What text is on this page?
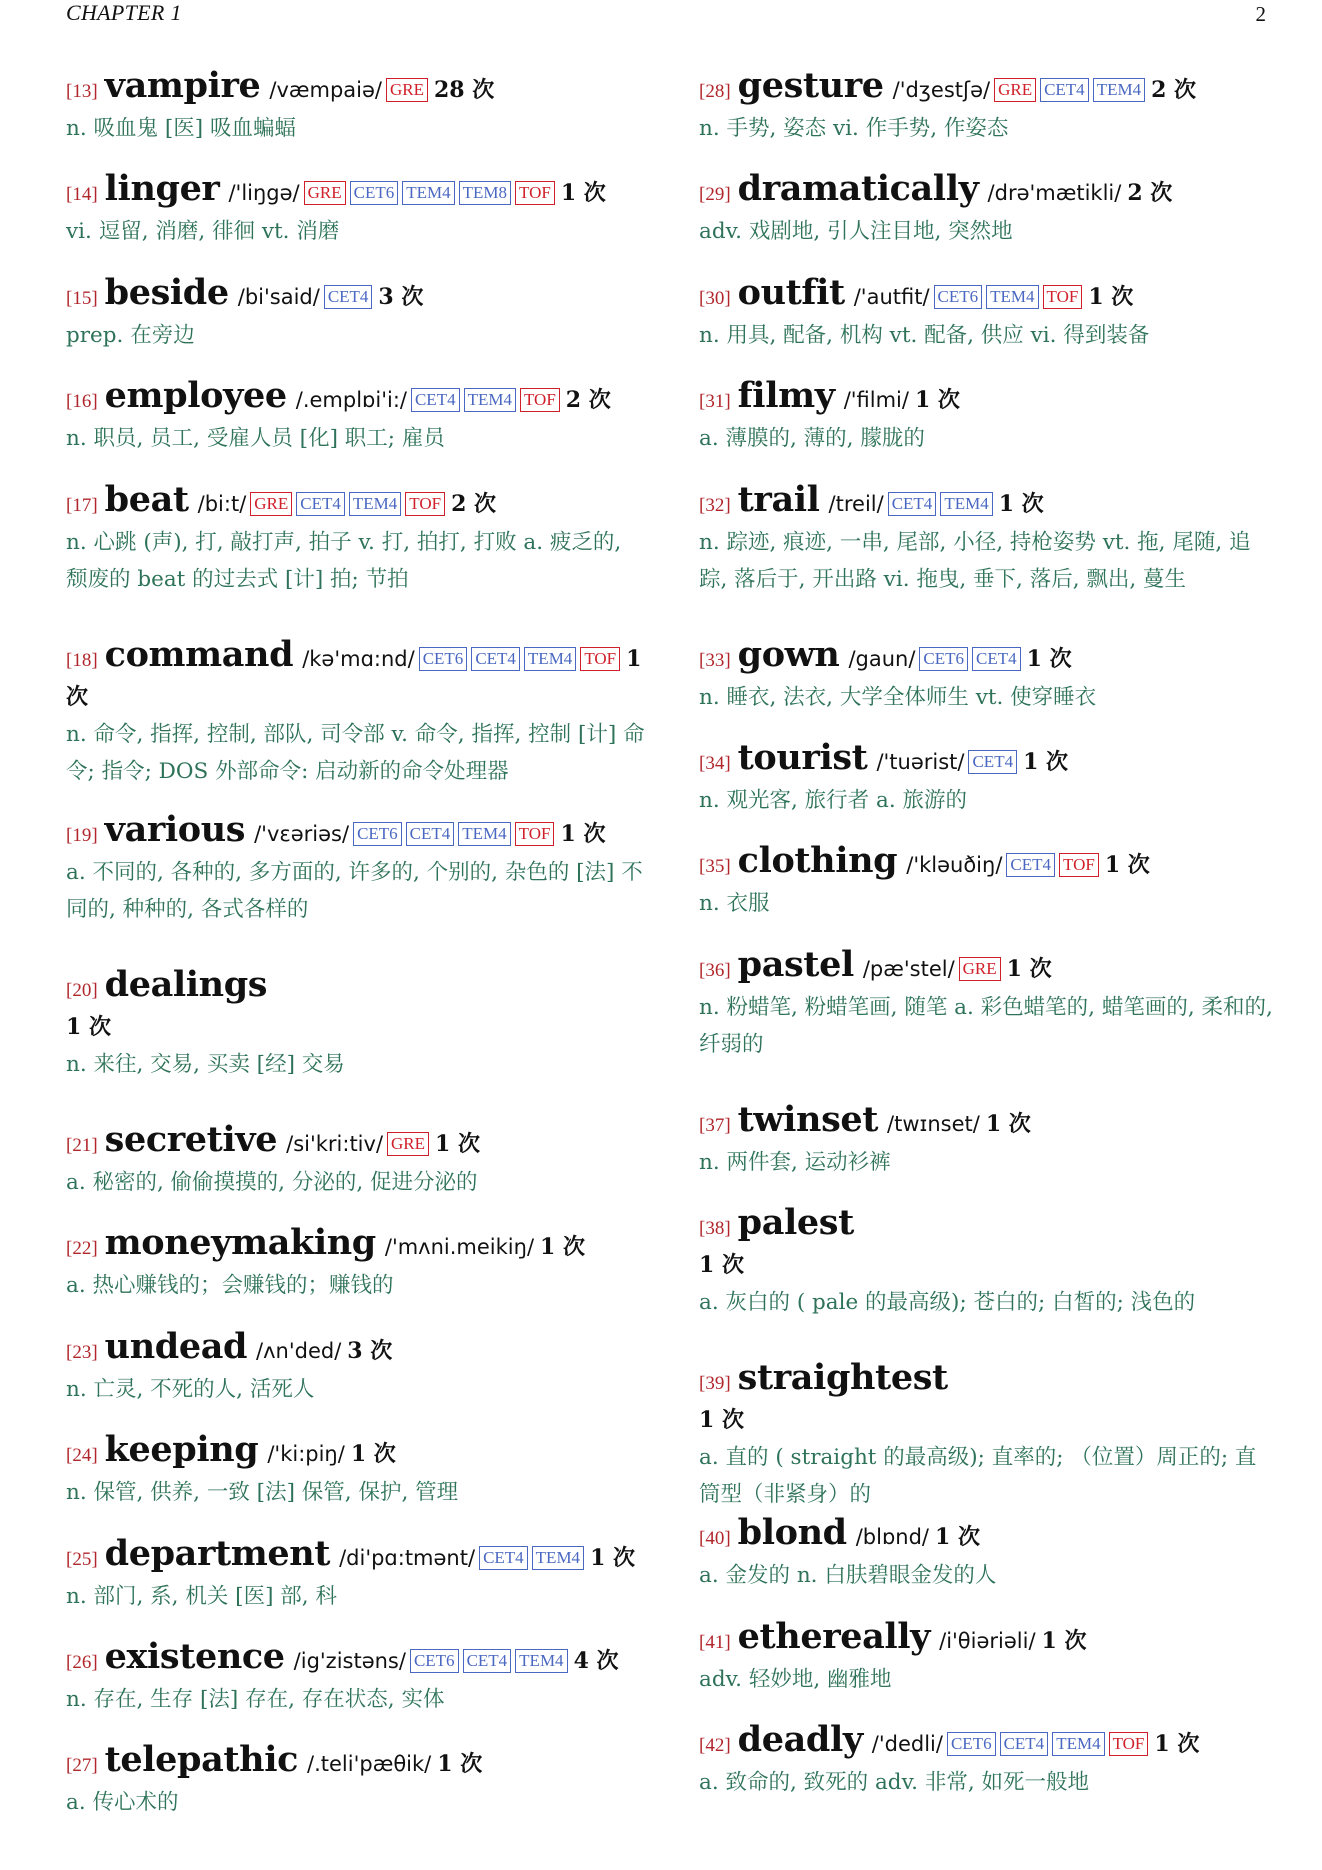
CHAPTER 1	2
[13] vampire /væmpaiə/ GRE 28 次
n. 吸血鬼 [医] 吸血蝙蝠
[14] linger /'liŋgə/ GRE CET6 TEM4 TEM8 TOF 1 次
vi. 逗留, 消磨, 徘徊 vt. 消磨
[15] beside /bi'said/ CET4 3 次
prep. 在旁边
[16] employee /.emplɒi'i:/ CET4 TEM4 TOF 2 次
n. 职员, 员工, 受雇人员 [化] 职工; 雇员
[17] beat /bi:t/ GRE CET4 TEM4 TOF 2 次
n. 心跳 (声), 打, 敲打声, 拍子 v. 打, 拍打, 打败 a. 疲乏的, 颓废的 beat 的过去式 [计] 拍; 节拍
[18] command /kə'mɑ:nd/ CET6 CET4 TEM4 TOF 1 次
n. 命令, 指挥, 控制, 部队, 司令部 v. 命令, 指挥, 控制 [计] 命令; 指令; DOS 外部命令: 启动新的命令处理器
[19] various /'vεəriəs/ CET6 CET4 TEM4 TOF 1 次
a. 不同的, 各种的, 多方面的, 许多的, 个别的, 杂色的 [法] 不同的, 种种的, 各式各样的
[20] dealings
1 次
n. 来往, 交易, 买卖 [经] 交易
[21] secretive /si'kri:tiv/ GRE 1 次
a. 秘密的, 偷偷摸摸的, 分泌的, 促进分泌的
[22] moneymaking /'mʌni.meikiŋ/ 1 次
a. 热心赚钱的；会赚钱的；赚钱的
[23] undead /ʌn'ded/ 3 次
n. 亡灵, 不死的人, 活死人
[24] keeping /'ki:piŋ/ 1 次
n. 保管, 供养, 一致 [法] 保管, 保护, 管理
[25] department /di'pɑ:tmənt/ CET4 TEM4 1 次
n. 部门, 系, 机关 [医] 部, 科
[26] existence /ig'zistəns/ CET6 CET4 TEM4 4 次
n. 存在, 生存 [法] 存在, 存在状态, 实体
[27] telepathic /.teli'pæθik/ 1 次
a. 传心术的
[28] gesture /'dʒestʃə/ GRE CET4 TEM4 2 次
n. 手势, 姿态 vi. 作手势, 作姿态
[29] dramatically /drə'mætikli/ 2 次
adv. 戏剧地, 引人注目地, 突然地
[30] outfit /'autfit/ CET6 TEM4 TOF 1 次
n. 用具, 配备, 机构 vt. 配备, 供应 vi. 得到装备
[31] filmy /'filmi/ 1 次
a. 薄膜的, 薄的, 朦胧的
[32] trail /treil/ CET4 TEM4 1 次
n. 踪迹, 痕迹, 一串, 尾部, 小径, 持枪姿势 vt. 拖, 尾随, 追踪, 落后于, 开出路 vi. 拖曳, 垂下, 落后, 飘出, 蔓生
[33] gown /gaun/ CET6 CET4 1 次
n. 睡衣, 法衣, 大学全体师生 vt. 使穿睡衣
[34] tourist /'tuərist/ CET4 1 次
n. 观光客, 旅行者 a. 旅游的
[35] clothing /'kləuðiŋ/ CET4 TOF 1 次
n. 衣服
[36] pastel /pæ'stel/ GRE 1 次
n. 粉蜡笔, 粉蜡笔画, 随笔 a. 彩色蜡笔的, 蜡笔画的, 柔和的, 纤弱的
[37] twinset /twɪnset/ 1 次
n. 两件套, 运动衫裤
[38] palest
1 次
a. 灰白的 ( pale 的最高级); 苍白的; 白皙的; 浅色的
[39] straightest
1 次
a. 直的 ( straight 的最高级); 直率的; （位置）周正的; 直筒型（非紧身）的
[40] blond /blɒnd/ 1 次
a. 金发的 n. 白肤碧眼金发的人
[41] ethereally /i'θiəriəli/ 1 次
adv. 轻妙地, 幽雅地
[42] deadly /'dedli/ CET6 CET4 TEM4 TOF 1 次
a. 致命的, 致死的 adv. 非常, 如死一般地
